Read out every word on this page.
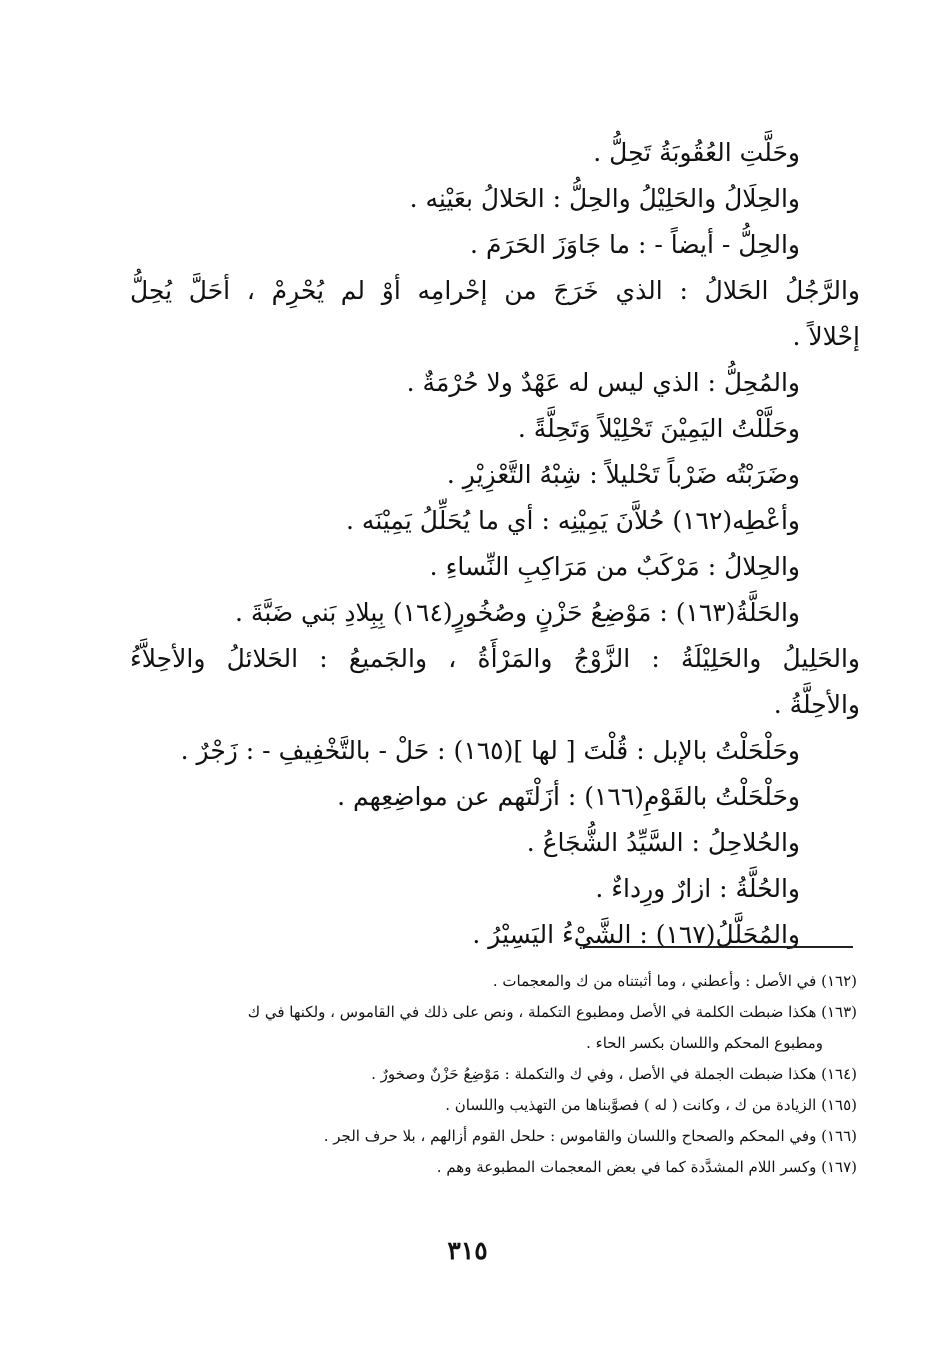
وحَلَّتِ العُقُوبَةُ تَحِلُّ .
والحِلَالُ والحَلِيْلُ والحِلُّ : الحَلالُ بعَيْنِه .
والحِلُّ - أيضاً - : ما جَاوَزَ الحَرَمَ .
والرَّجُلُ الحَلالُ : الذي خَرَجَ من إحْرامِه أوْ لم يُحْرِمْ ، أحَلَّ يُحِلُّ
إحْلالاً .
والمُحِلُّ : الذي ليس له عَهْدٌ ولا حُرْمَةٌ .
وحَلَّلْتُ اليَمِيْنَ تَحْلِيْلاً وَتَحِلَّةً .
وضَرَبْتُه ضَرْباً تَحْليلاً : شِبْهُ التَّعْزِيْرِ .
وأعْطِه(١٦٢) حُلاَّنَ يَمِيْنِه : أي ما يُحَلِّلُ يَمِيْنَه .
والحِلالُ : مَرْكَبٌ من مَرَاكِبِ النِّساءِ .
والحَلَّةُ(١٦٣) : مَوْضِعُ حَزْنٍ وصُخُورٍ(١٦٤) بِبِلادِ بَني ضَبَّةَ .
والحَلِيلُ والحَلِيْلَةُ : الزَّوْجُ والمَرْأَةُ ، والجَميعُ : الحَلائلُ والأحِلاَّءُ
والأحِلَّةُ .
وحَلْحَلْتُ بالإبل : قُلْتَ [ لها ](١٦٥) : حَلْ - بالتَّخْفِيفِ - : زَجْرٌ .
وحَلْحَلْتُ بالقَوْمِ(١٦٦) : أزَلْتَهم عن مواضِعِهم .
والحُلاحِلُ : السَّيِّدُ الشُّجَاعُ .
والحُلَّةُ : ازارٌ ورِداءٌ .
والمُحَلَّلُ(١٦٧) : الشَّيْءُ اليَسِيْرُ .
(١٦٢) في الأصل : وأعطني ، وما أثبتناه من ك والمعجمات .
(١٦٣) هكذا ضبطت الكلمة في الأصل ومطبوع التكملة ، ونص على ذلك في القاموس ، ولكنها في ك
ومطبوع المحكم واللسان بكسر الحاء .
(١٦٤) هكذا ضبطت الجملة في الأصل ، وفي ك والتكملة : مَوْضِعُ حَزْنٌ وصخورٌ .
(١٦٥) الزيادة من ك ، وكانت ( له ) فصوَّبناها من التهذيب واللسان .
(١٦٦) وفي المحكم والصحاح واللسان والقاموس : حلحل القوم أزالهم ، بلا حرف الجر .
(١٦٧) وكسر اللام المشدَّدة كما في بعض المعجمات المطبوعة وهم .
٣١٥
